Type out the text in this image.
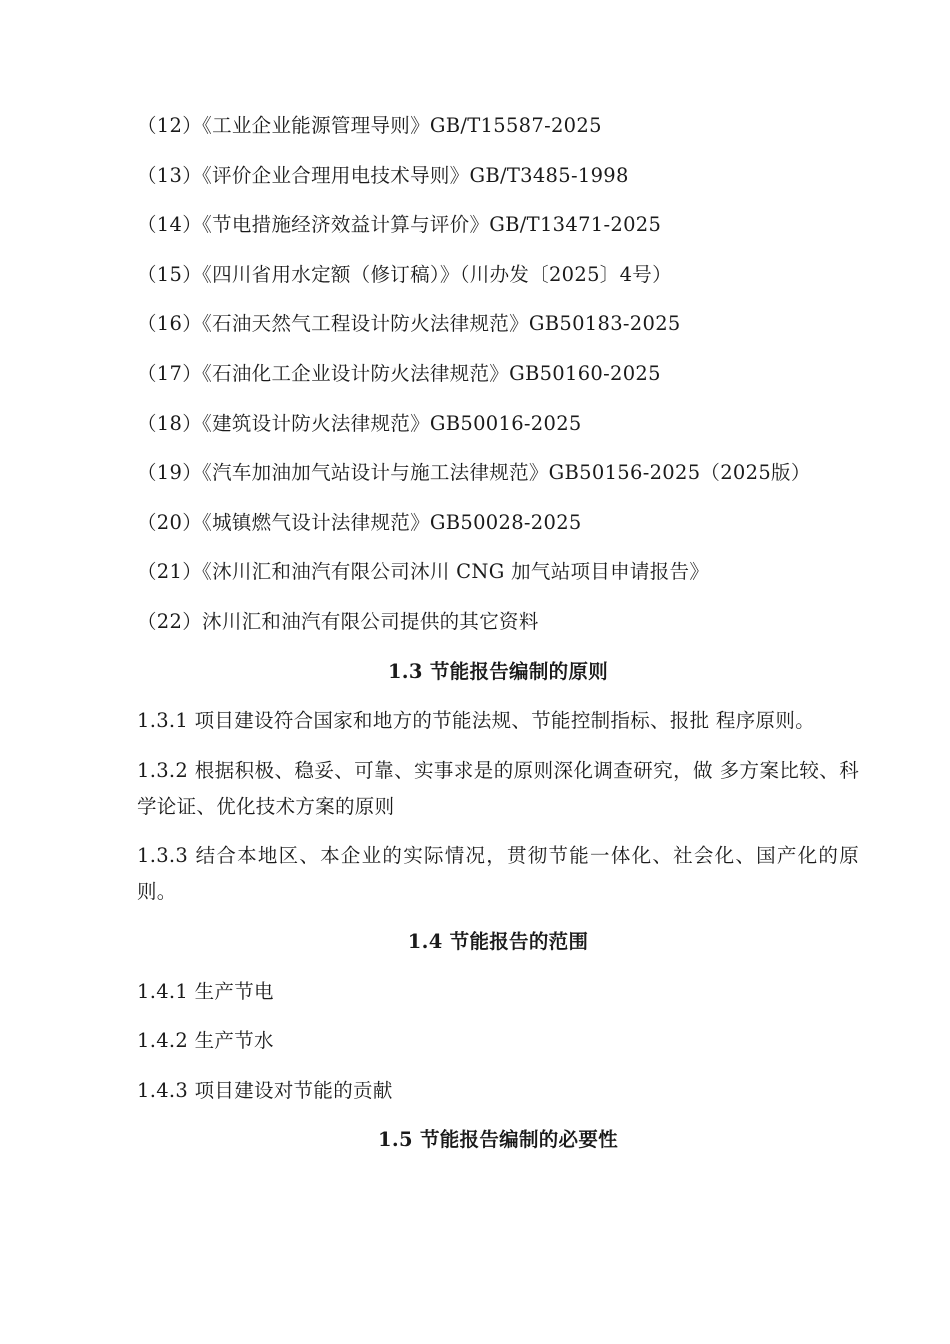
（12）《工业企业能源管理导则》GB/T15587-2025
（13）《评价企业合理用电技术导则》GB/T3485-1998
（14）《节电措施经济效益计算与评价》GB/T13471-2025
（15）《四川省用水定额（修订稿）》（川办发〔2025〕4号）
（16）《石油天然气工程设计防火法律规范》GB50183-2025
（17）《石油化工企业设计防火法律规范》GB50160-2025
（18）《建筑设计防火法律规范》GB50016-2025
（19）《汽车加油加气站设计与施工法律规范》GB50156-2025（2025版）
（20）《城镇燃气设计法律规范》GB50028-2025
（21）《沐川汇和油汽有限公司沐川 CNG 加气站项目申请报告》
（22）沐川汇和油汽有限公司提供的其它资料
1.3 节能报告编制的原则
1.3.1 项目建设符合国家和地方的节能法规、节能控制指标、报批 程序原则。
1.3.2 根据积极、稳妥、可靠、实事求是的原则深化调查研究，做 多方案比较、科学论证、优化技术方案的原则
1.3.3 结合本地区、本企业的实际情况，贯彻节能一体化、社会化、国产化的原则。
1.4 节能报告的范围
1.4.1 生产节电
1.4.2 生产节水
1.4.3 项目建设对节能的贡献
1.5 节能报告编制的必要性
